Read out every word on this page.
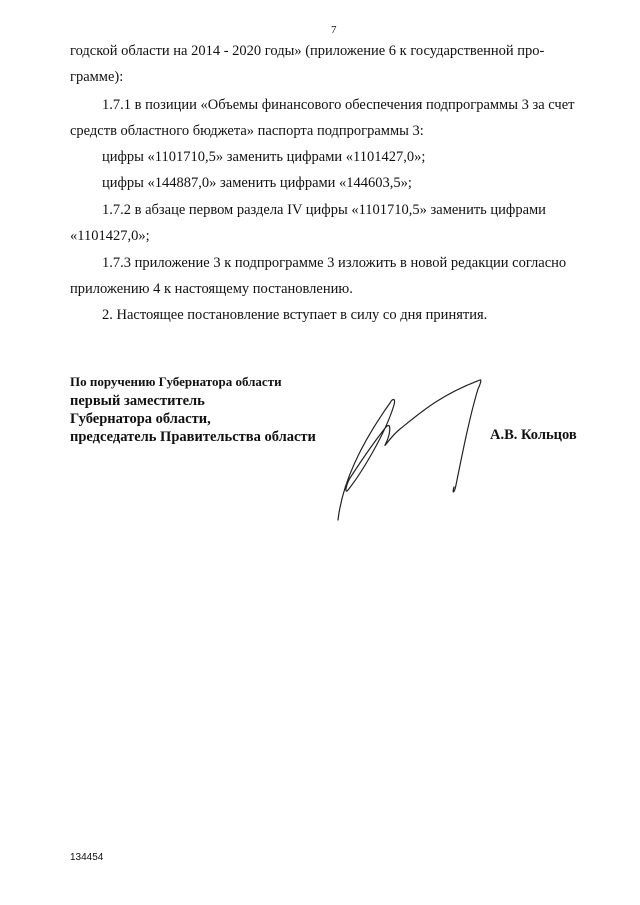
7
годской области на 2014 - 2020 годы» (приложение 6 к государственной про-
грамме):
1.7.1 в позиции «Объемы финансового обеспечения подпрограммы 3 за счет
средств областного бюджета» паспорта подпрограммы 3:
цифры «1101710,5» заменить цифрами «1101427,0»;
цифры «144887,0» заменить цифрами «144603,5»;
1.7.2 в абзаце первом раздела IV цифры «1101710,5» заменить цифрами
«1101427,0»;
1.7.3 приложение 3 к подпрограмме 3 изложить в новой редакции согласно
приложению 4 к настоящему постановлению.
2. Настоящее постановление вступает в силу со дня принятия.
По поручению Губернатора области
первый заместитель
Губернатора области,
председатель Правительства области	А.В. Кольцов
134454
